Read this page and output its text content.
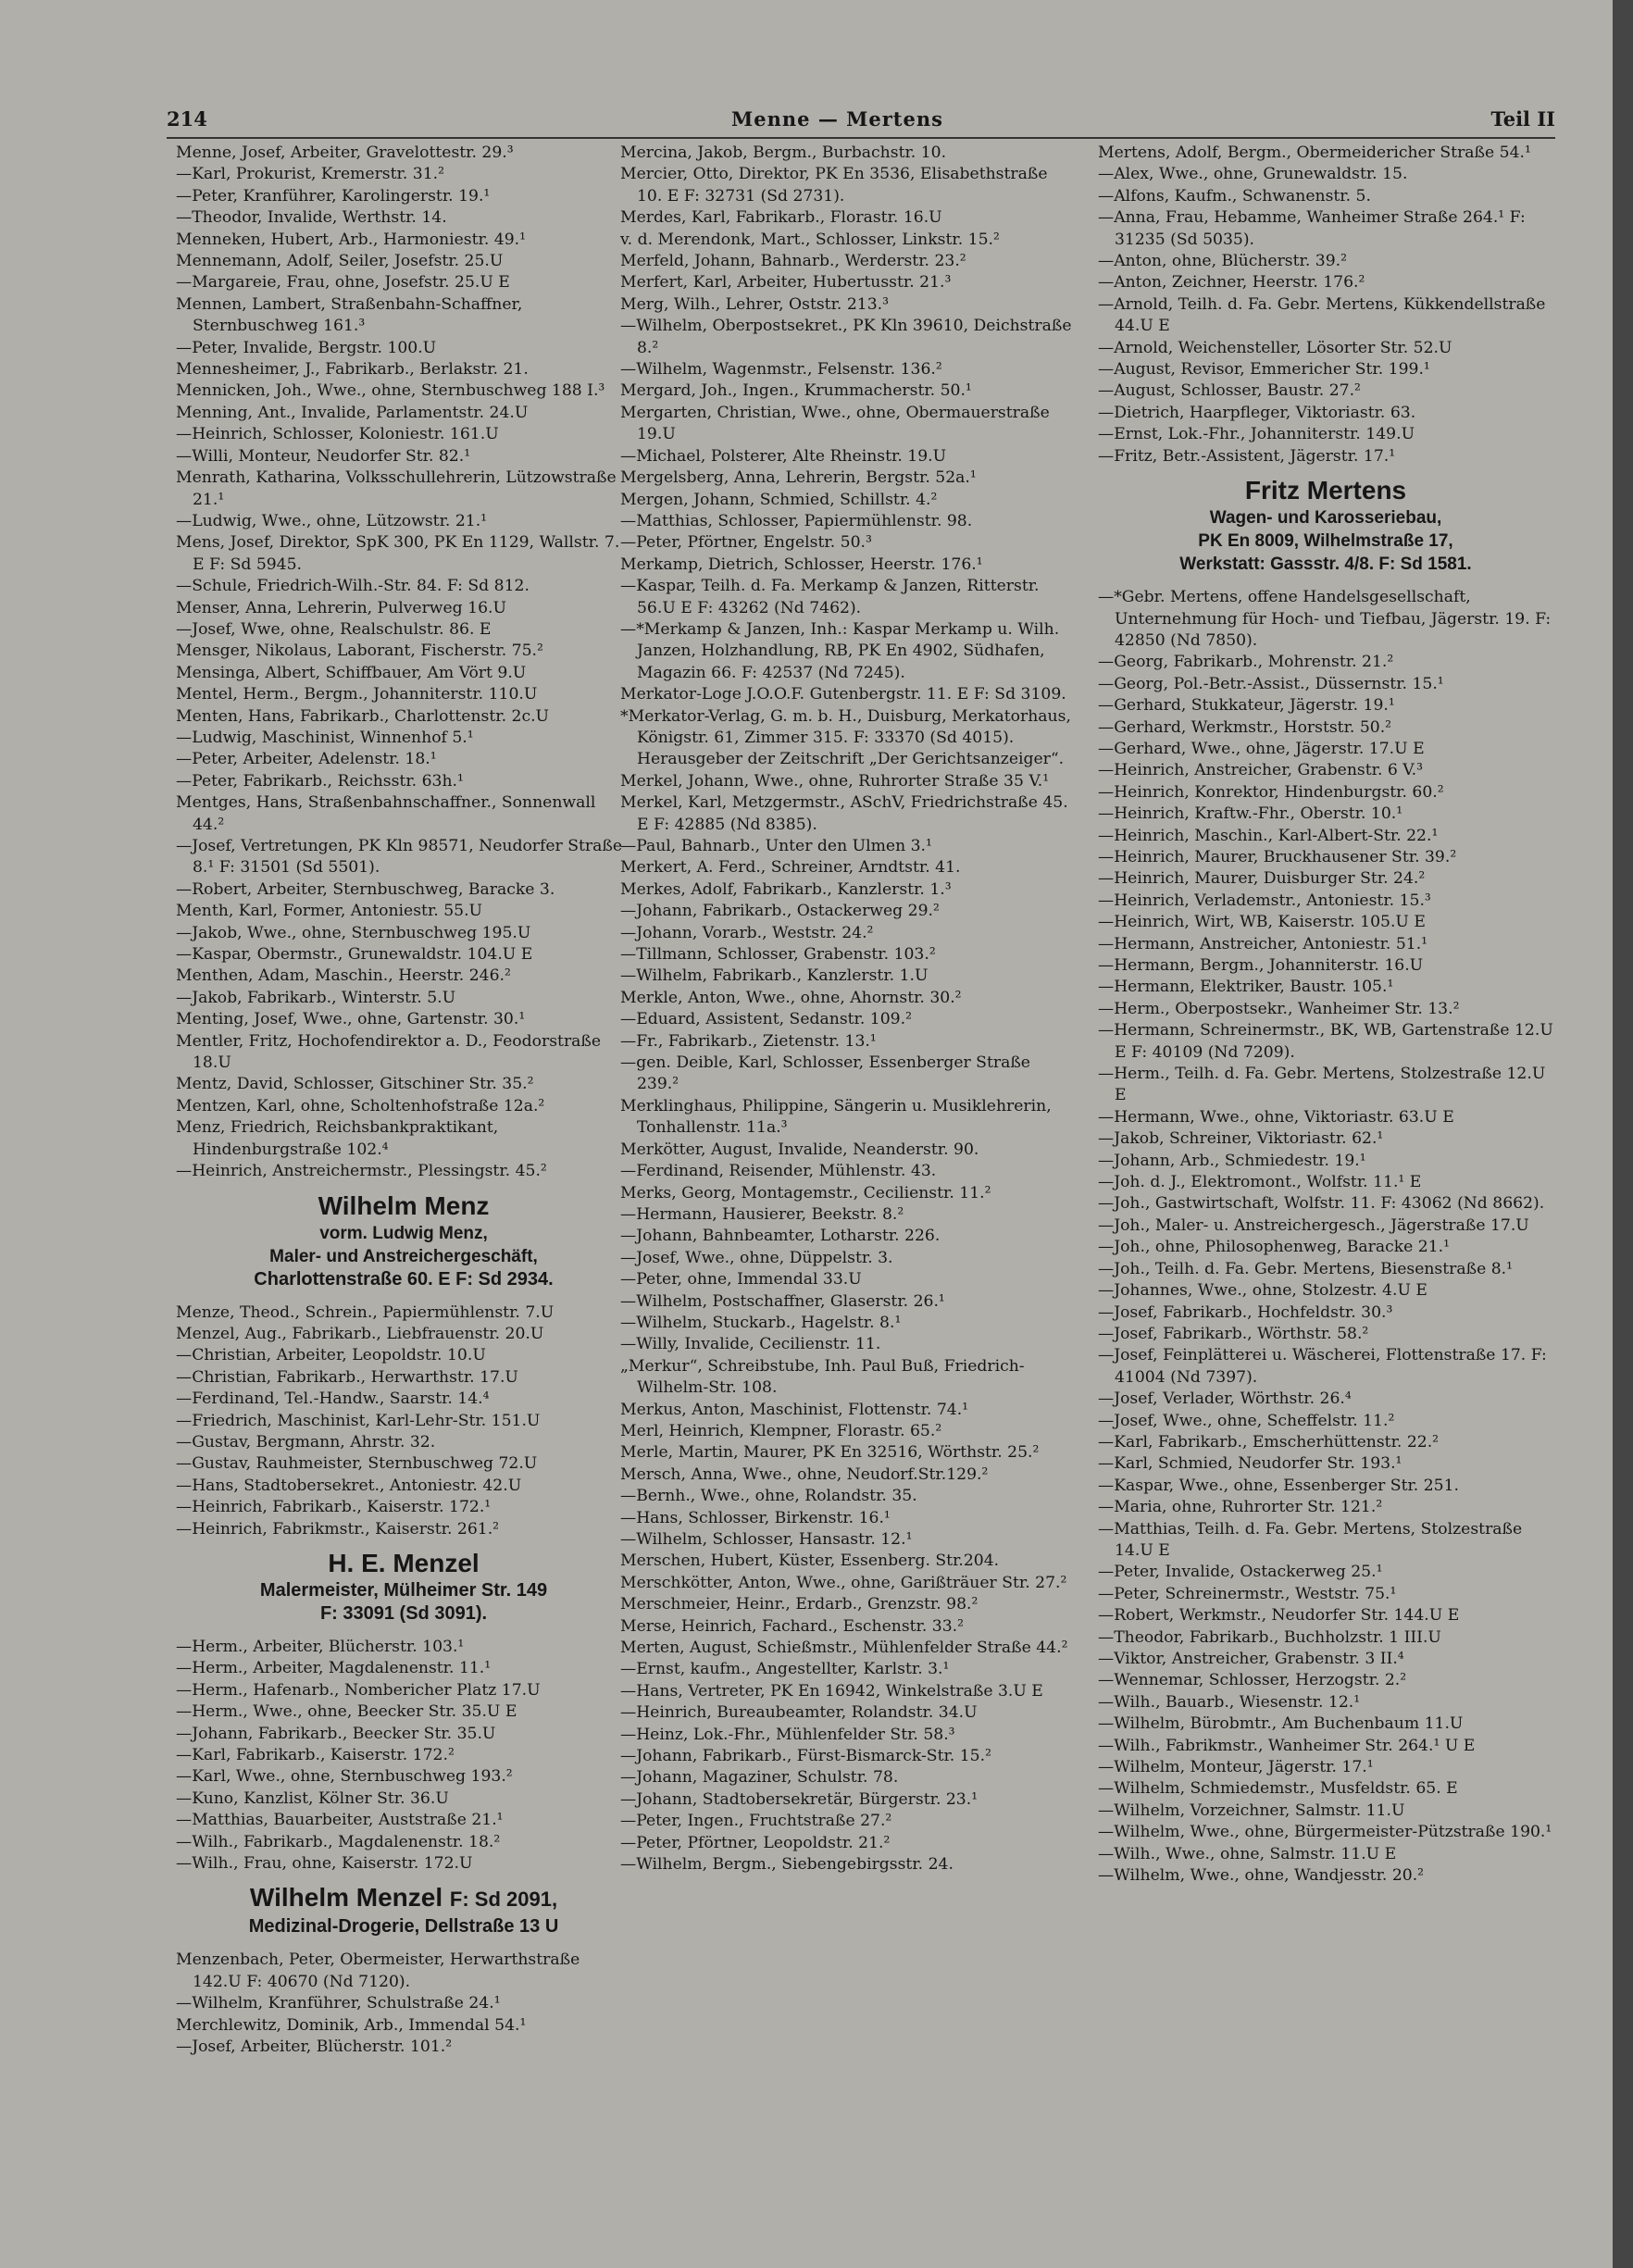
214	Menne — Mertens	Teil II
Menne, Josef, Arbeiter, Gravelottestr. 29.³
—Karl, Prokurist, Kremerstr. 31.²
—Peter, Kranführer, Karolingerstr. 19.¹
—Theodor, Invalide, Werthstr. 14.
Menneken, Hubert, Arb., Harmoniestr. 49.¹
Mennemann, Adolf, Seiler, Josefstr. 25.U
—Margareie, Frau, ohne, Josefstr. 25.U E
Mennen, Lambert, Straßenbahn-Schaffner, Sternbuschweg 161.³
—Peter, Invalide, Bergstr. 100.U
Mennesheimer, J., Fabrikarb., Berlakstr. 21.
Mennicken, Joh., Wwe., ohne, Sternbuschweg 188 I.³
Menning, Ant., Invalide, Parlamentstr. 24.U
—Heinrich, Schlosser, Koloniestr. 161.U
—Willi, Monteur, Neudorfer Str. 82.¹
Menrath, Katharina, Volksschullehrerin, Lützowstraße 21.¹
—Ludwig, Wwe., ohne, Lützowstr. 21.¹
Mens, Josef, Direktor, SpK 300, PK En 1129, Wallstr. 7. E F: Sd 5945.
—Schule, Friedrich-Wilh.-Str. 84. F: Sd 812.
Menser, Anna, Lehrerin, Pulverweg 16.U
—Josef, Wwe, ohne, Realschulstr. 86. E
Mensger, Nikolaus, Laborant, Fischerstr. 75.²
Mensinga, Albert, Schiffbauer, Am Vört 9.U
Mentel, Herm., Bergm., Johanniterstr. 110.U
Menten, Hans, Fabrikarb., Charlottenstr. 2c.U
—Ludwig, Maschinist, Winnenhof 5.¹
—Peter, Arbeiter, Adelenstr. 18.¹
—Peter, Fabrikarb., Reichsstr. 63h.¹
Mentges, Hans, Straßenbahnschaffner., Sonnenwall 44.²
—Josef, Vertretungen, PK Kln 98571, Neudorfer Straße 8.¹ F: 31501 (Sd 5501).
—Robert, Arbeiter, Sternbuschweg, Baracke 3.
Menth, Karl, Former, Antoniestr. 55.U
—Jakob, Wwe., ohne, Sternbuschweg 195.U
—Kaspar, Obermstr., Grunewaldstr. 104.U E
Menthen, Adam, Maschin., Heerstr. 246.²
—Jakob, Fabrikarb., Winterstr. 5.U
Menting, Josef, Wwe., ohne, Gartenstr. 30.¹
Mentler, Fritz, Hochofendirektor a. D., Feodorstraße 18.U
Mentz, David, Schlosser, Gitschiner Str. 35.²
Mentzen, Karl, ohne, Scholtenhofstraße 12a.²
Menz, Friedrich, Reichsbankpraktikant, Hindenburgstraße 102.⁴
—Heinrich, Anstreichermstr., Plessingstr. 45.²
Wilhelm Menz
vorm. Ludwig Menz,
Maler- und Anstreichergeschäft,
Charlottenstraße 60. E F: Sd 2934.
Menze, Theod., Schrein., Papiermühlenstr. 7.U
Menzel, Aug., Fabrikarb., Liebfrauenstr. 20.U
—Christian, Arbeiter, Leopoldstr. 10.U
—Christian, Fabrikarb., Herwarthstr. 17.U
—Ferdinand, Tel.-Handw., Saarstr. 14.⁴
—Friedrich, Maschinist, Karl-Lehr-Str. 151.U
—Gustav, Bergmann, Ahrstr. 32.
—Gustav, Rauhmeister, Sternbuschweg 72.U
—Hans, Stadtobersekret., Antoniestr. 42.U
—Heinrich, Fabrikarb., Kaiserstr. 172.¹
—Heinrich, Fabrikmstr., Kaiserstr. 261.²
H. E. Menzel
Malermeister, Mülheimer Str. 149
F: 33091 (Sd 3091).
—Herm., Arbeiter, Blücherstr. 103.¹
—Herm., Arbeiter, Magdalenenstr. 11.¹
—Herm., Hafenarb., Nombericher Platz 17.U
—Herm., Wwe., ohne, Beecker Str. 35.U E
—Johann, Fabrikarb., Beecker Str. 35.U
—Karl, Fabrikarb., Kaiserstr. 172.²
—Karl, Wwe., ohne, Sternbuschweg 193.²
—Kuno, Kanzlist, Kölner Str. 36.U
—Matthias, Bauarbeiter, Auststraße 21.¹
—Wilh., Fabrikarb., Magdalenenstr. 18.²
—Wilh., Frau, ohne, Kaiserstr. 172.U
Wilhelm Menzel F: Sd 2091,
Medizinal-Drogerie, Dellstraße 13 U
Menzenbach, Peter, Obermeister, Herwarthstraße 142.U F: 40670 (Nd 7120).
—Wilhelm, Kranführer, Schulstraße 24.¹
Merchlewitz, Dominik, Arb., Immendal 54.¹
—Josef, Arbeiter, Blücherstr. 101.²
Mercina, Jakob, Bergm., Burbachstr. 10.
Mercier, Otto, Direktor, PK En 3536, Elisabethstraße 10. E F: 32731 (Sd 2731).
Merdes, Karl, Fabrikarb., Florastr. 16.U
v. d. Merendonk, Mart., Schlosser, Linkstr. 15.²
Merfeld, Johann, Bahnarb., Werderstr. 23.²
Merfert, Karl, Arbeiter, Hubertusstr. 21.³
Merg, Wilh., Lehrer, Oststr. 213.³
—Wilhelm, Oberpostsekret., PK Kln 39610, Deichstraße 8.²
—Wilhelm, Wagenmstr., Felsenstr. 136.²
Mergard, Joh., Ingen., Krummacherstr. 50.¹
Mergarten, Christian, Wwe., ohne, Obermauerstraße 19.U
—Michael, Polsterer, Alte Rheinstr. 19.U
Mergelsberg, Anna, Lehrerin, Bergstr. 52a.¹
Mergen, Johann, Schmied, Schillstr. 4.²
—Matthias, Schlosser, Papiermühlenstr. 98.
—Peter, Pförtner, Engelstr. 50.³
Merkamp, Dietrich, Schlosser, Heerstr. 176.¹
—Kaspar, Teilh. d. Fa. Merkamp & Janzen, Ritterstr. 56.U E F: 43262 (Nd 7462).
—*Merkamp & Janzen, Inh.: Kaspar Merkamp u. Wilh. Janzen, Holzhandlung, RB, PK En 4902, Südhafen, Magazin 66. F: 42537 (Nd 7245).
Merkator-Loge J.O.O.F. Gutenbergstr. 11. E F: Sd 3109.
*Merkator-Verlag, G. m. b. H., Duisburg, Merkatorhaus, Königstr. 61, Zimmer 315. F: 33370 (Sd 4015). Herausgeber der Zeitschrift „Der Gerichtsanzeiger“.
Merkel, Johann, Wwe., ohne, Ruhrorter Straße 35 V.¹
Merkel, Karl, Metzgermstr., ASchV, Friedrichstraße 45. E F: 42885 (Nd 8385).
—Paul, Bahnarb., Unter den Ulmen 3.¹
Merkert, A. Ferd., Schreiner, Arndtstr. 41.
Merkes, Adolf, Fabrikarb., Kanzlerstr. 1.³
—Johann, Fabrikarb., Ostackerweg 29.²
—Johann, Vorarb., Weststr. 24.²
—Tillmann, Schlosser, Grabenstr. 103.²
—Wilhelm, Fabrikarb., Kanzlerstr. 1.U
Merkle, Anton, Wwe., ohne, Ahornstr. 30.²
—Eduard, Assistent, Sedanstr. 109.²
—Fr., Fabrikarb., Zietenstr. 13.¹
—gen. Deible, Karl, Schlosser, Essenberger Straße 239.²
Merklinghaus, Philippine, Sängerin u. Musiklehrerin, Tonhallenstr. 11a.³
Merkötter, August, Invalide, Neanderstr. 90.
—Ferdinand, Reisender, Mühlenstr. 43.
Merks, Georg, Montagemstr., Cecilienstr. 11.²
—Hermann, Hausierer, Beekstr. 8.²
—Johann, Bahnbeamter, Lotharstr. 226.
—Josef, Wwe., ohne, Düppelstr. 3.
—Peter, ohne, Immendal 33.U
—Wilhelm, Postschaffner, Glaserstr. 26.¹
—Wilhelm, Stuckarb., Hagelstr. 8.¹
—Willy, Invalide, Cecilienstr. 11.
„Merkur“, Schreibstube, Inh. Paul Buß, Friedrich-Wilhelm-Str. 108.
Merkus, Anton, Maschinist, Flottenstr. 74.¹
Merl, Heinrich, Klempner, Florastr. 65.²
Merle, Martin, Maurer, PK En 32516, Wörthstr. 25.²
Mersch, Anna, Wwe., ohne, Neudorf.Str.129.²
—Bernh., Wwe., ohne, Rolandstr. 35.
—Hans, Schlosser, Birkenstr. 16.¹
—Wilhelm, Schlosser, Hansastr. 12.¹
Merschen, Hubert, Küster, Essenberg. Str.204.
Merschkötter, Anton, Wwe., ohne, Garißträuer Str. 27.²
Merschmeier, Heinr., Erdarb., Grenzstr. 98.²
Merse, Heinrich, Fachard., Eschenstr. 33.²
Merten, August, Schießmstr., Mühlenfelder Straße 44.²
—Ernst, kaufm., Angestellter, Karlstr. 3.¹
—Hans, Vertreter, PK En 16942, Winkelstraße 3.U E
—Heinrich, Bureaubeamter, Rolandstr. 34.U
—Heinz, Lok.-Fhr., Mühlenfelder Str. 58.³
—Johann, Fabrikarb., Fürst-Bismarck-Str. 15.²
—Johann, Magaziner, Schulstr. 78.
—Johann, Stadtobersekretär, Bürgerstr. 23.¹
—Peter, Ingen., Fruchtstraße 27.²
—Peter, Pförtner, Leopoldstr. 21.²
—Wilhelm, Bergm., Siebengebirgsstr. 24.
Mertens, Adolf, Bergm., Obermeidericher Straße 54.¹
—Alex, Wwe., ohne, Grunewaldstr. 15.
—Alfons, Kaufm., Schwanenstr. 5.
—Anna, Frau, Hebamme, Wanheimer Straße 264.¹ F: 31235 (Sd 5035).
—Anton, ohne, Blücherstr. 39.²
—Anton, Zeichner, Heerstr. 176.²
—Arnold, Teilh. d. Fa. Gebr. Mertens, Kükkendellstraße 44.U E
—Arnold, Weichensteller, Lösorter Str. 52.U
—August, Revisor, Emmericher Str. 199.¹
—August, Schlosser, Baustr. 27.²
—Dietrich, Haarpfleger, Viktoriastr. 63.
—Ernst, Lok.-Fhr., Johanniterstr. 149.U
—Fritz, Betr.-Assistent, Jägerstr. 17.¹
Fritz Mertens
Wagen- und Karosseriebau,
PK En 8009, Wilhelmstraße 17,
Werkstatt: Gassstr. 4/8. F: Sd 1581.
—*Gebr. Mertens, offene Handelsgesellschaft, Unternehmung für Hoch- und Tiefbau, Jägerstr. 19. F: 42850 (Nd 7850).
—Georg, Fabrikarb., Mohrenstr. 21.²
—Georg, Pol.-Betr.-Assist., Düssernstr. 15.¹
—Gerhard, Stukkateur, Jägerstr. 19.¹
—Gerhard, Werkmstr., Horststr. 50.²
—Gerhard, Wwe., ohne, Jägerstr. 17.U E
—Heinrich, Anstreicher, Grabenstr. 6 V.³
—Heinrich, Konrektor, Hindenburgstr. 60.²
—Heinrich, Kraftw.-Fhr., Oberstr. 10.¹
—Heinrich, Maschin., Karl-Albert-Str. 22.¹
—Heinrich, Maurer, Bruckhausener Str. 39.²
—Heinrich, Maurer, Duisburger Str. 24.²
—Heinrich, Verlademstr., Antoniestr. 15.³
—Heinrich, Wirt, WB, Kaiserstr. 105.U E
—Hermann, Anstreicher, Antoniestr. 51.¹
—Hermann, Bergm., Johanniterstr. 16.U
—Hermann, Elektriker, Baustr. 105.¹
—Herm., Oberpostsekr., Wanheimer Str. 13.²
—Hermann, Schreinermstr., BK, WB, Gartenstraße 12.U E F: 40109 (Nd 7209).
—Herm., Teilh. d. Fa. Gebr. Mertens, Stolzestraße 12.U E
—Hermann, Wwe., ohne, Viktoriastr. 63.U E
—Jakob, Schreiner, Viktoriastr. 62.¹
—Johann, Arb., Schmiedestr. 19.¹
—Joh. d. J., Elektromont., Wolfstr. 11.¹ E
—Joh., Gastwirtschaft, Wolfstr. 11. F: 43062 (Nd 8662).
—Joh., Maler- u. Anstreichergesch., Jägerstraße 17.U
—Joh., ohne, Philosophenweg, Baracke 21.¹
—Joh., Teilh. d. Fa. Gebr. Mertens, Biesenstraße 8.¹
—Johannes, Wwe., ohne, Stolzestr. 4.U E
—Josef, Fabrikarb., Hochfeldstr. 30.³
—Josef, Fabrikarb., Wörthstr. 58.²
—Josef, Feinplätterei u. Wäscherei, Flottenstraße 17. F: 41004 (Nd 7397).
—Josef, Verlader, Wörthstr. 26.⁴
—Josef, Wwe., ohne, Scheffelstr. 11.²
—Karl, Fabrikarb., Emscherhüttenstr. 22.²
—Karl, Schmied, Neudorfer Str. 193.¹
—Kaspar, Wwe., ohne, Essenberger Str. 251.
—Maria, ohne, Ruhrorter Str. 121.²
—Matthias, Teilh. d. Fa. Gebr. Mertens, Stolzestraße 14.U E
—Peter, Invalide, Ostackerweg 25.¹
—Peter, Schreinermstr., Weststr. 75.¹
—Robert, Werkmstr., Neudorfer Str. 144.U E
—Theodor, Fabrikarb., Buchholzstr. 1 III.U
—Viktor, Anstreicher, Grabenstr. 3 II.⁴
—Wennemar, Schlosser, Herzogstr. 2.²
—Wilh., Bauarb., Wiesenstr. 12.¹
—Wilhelm, Bürobmtr., Am Buchenbaum 11.U
—Wilh., Fabrikmstr., Wanheimer Str. 264.¹ U E
—Wilhelm, Monteur, Jägerstr. 17.¹
—Wilhelm, Schmiedemstr., Musfeldstr. 65. E
—Wilhelm, Vorzeichner, Salmstr. 11.U
—Wilhelm, Wwe., ohne, Bürgermeister-Pützstraße 190.¹
—Wilh., Wwe., ohne, Salmstr. 11.U E
—Wilhelm, Wwe., ohne, Wandjesstr. 20.²
